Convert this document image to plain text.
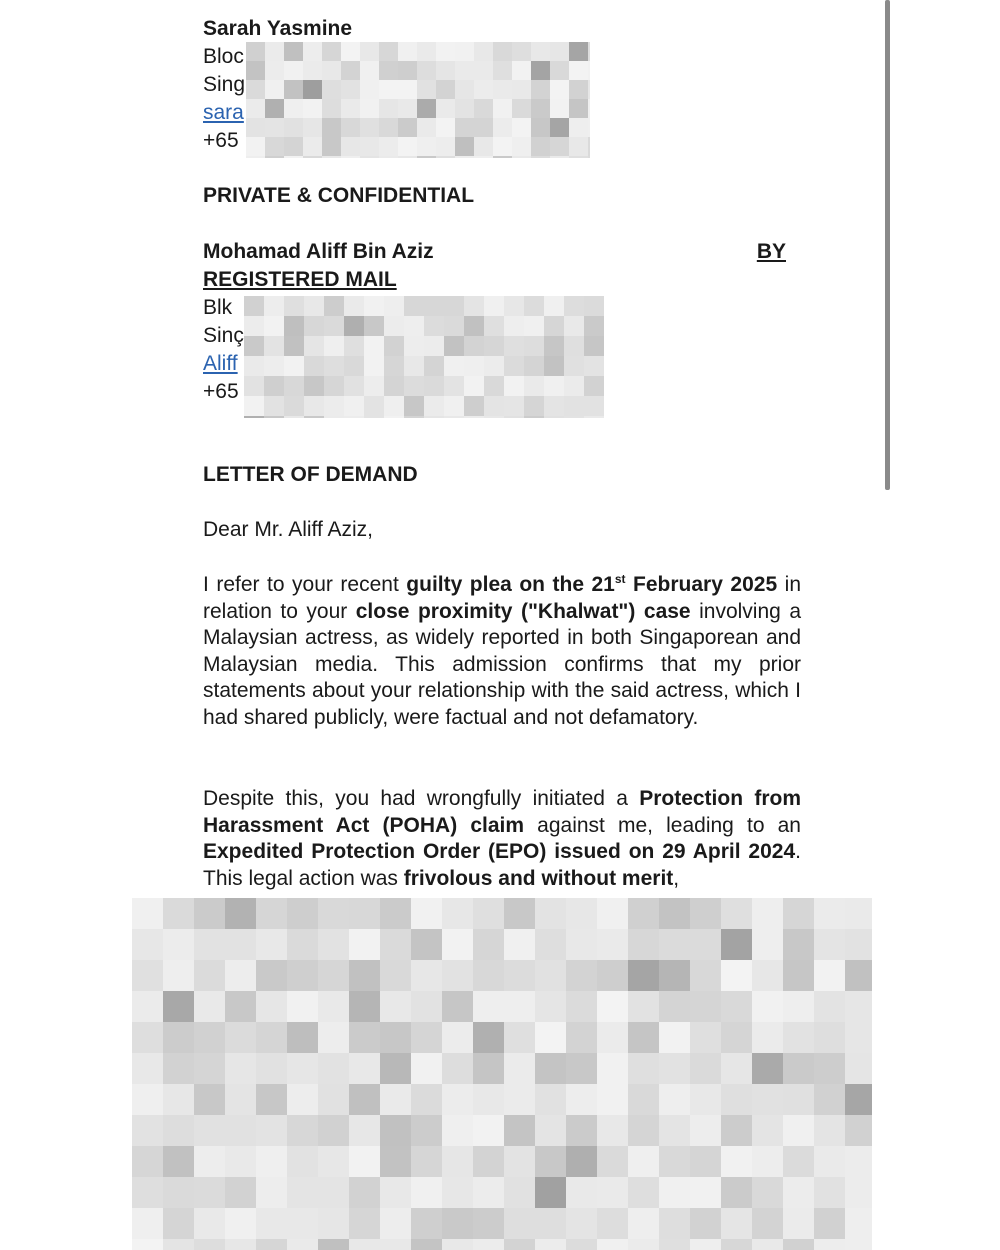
Sarah Yasmine
Bloc
Sing
sara
+65
PRIVATE & CONFIDENTIAL
Mohamad Aliff Bin Aziz	BY
REGISTERED MAIL
Blk
Sinç
Aliff
+65
LETTER OF DEMAND
Dear Mr. Aliff Aziz,
I refer to your recent guilty plea on the 21st February 2025 in relation to your close proximity ("Khalwat") case involving a Malaysian actress, as widely reported in both Singaporean and Malaysian media. This admission confirms that my prior statements about your relationship with the said actress, which I had shared publicly, were factual and not defamatory.
Despite this, you had wrongfully initiated a Protection from Harassment Act (POHA) claim against me, leading to an Expedited Protection Order (EPO) issued on 29 April 2024. This legal action was frivolous and without merit,
